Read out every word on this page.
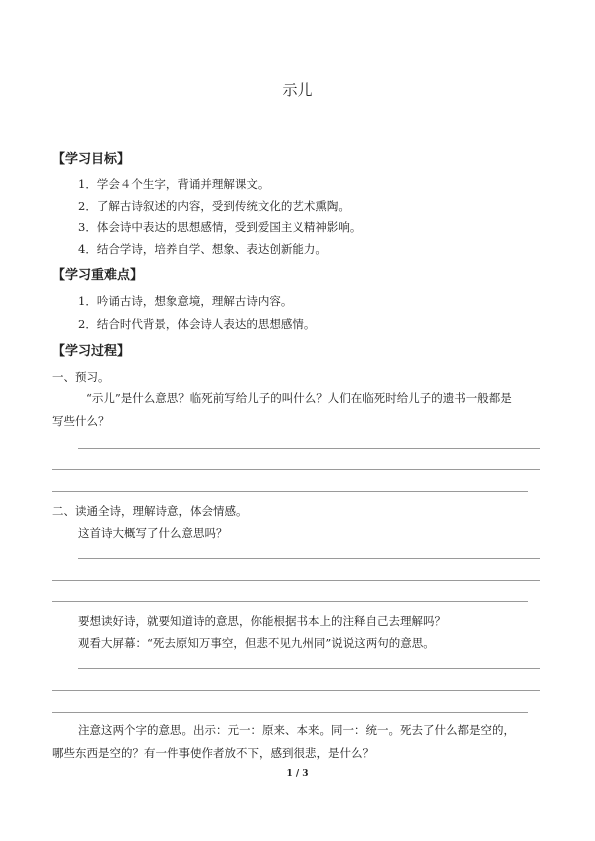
示儿
【学习目标】
1．学会４个生字，背诵并理解课文。
2．了解古诗叙述的内容，受到传统文化的艺术熏陶。
3．体会诗中表达的思想感情，受到爱国主义精神影响。
4．结合学诗，培养自学、想象、表达创新能力。
【学习重难点】
1．吟诵古诗，想象意境，理解古诗内容。
2．结合时代背景，体会诗人表达的思想感情。
【学习过程】
一、预习。
“示儿”是什么意思？临死前写给儿子的叫什么？人们在临死时给儿子的遗书一般都是
写些什么？
二、读通全诗，理解诗意，体会情感。
这首诗大概写了什么意思吗？
要想读好诗，就要知道诗的意思，你能根据书本上的注释自己去理解吗？
观看大屏幕：“死去原知万事空，但悲不见九州同”说说这两句的意思。
注意这两个字的意思。出示：元一：原来、本来。同一：统一。死去了什么都是空的，
哪些东西是空的？有一件事使作者放不下，感到很悲，是什么？
1 / 3
